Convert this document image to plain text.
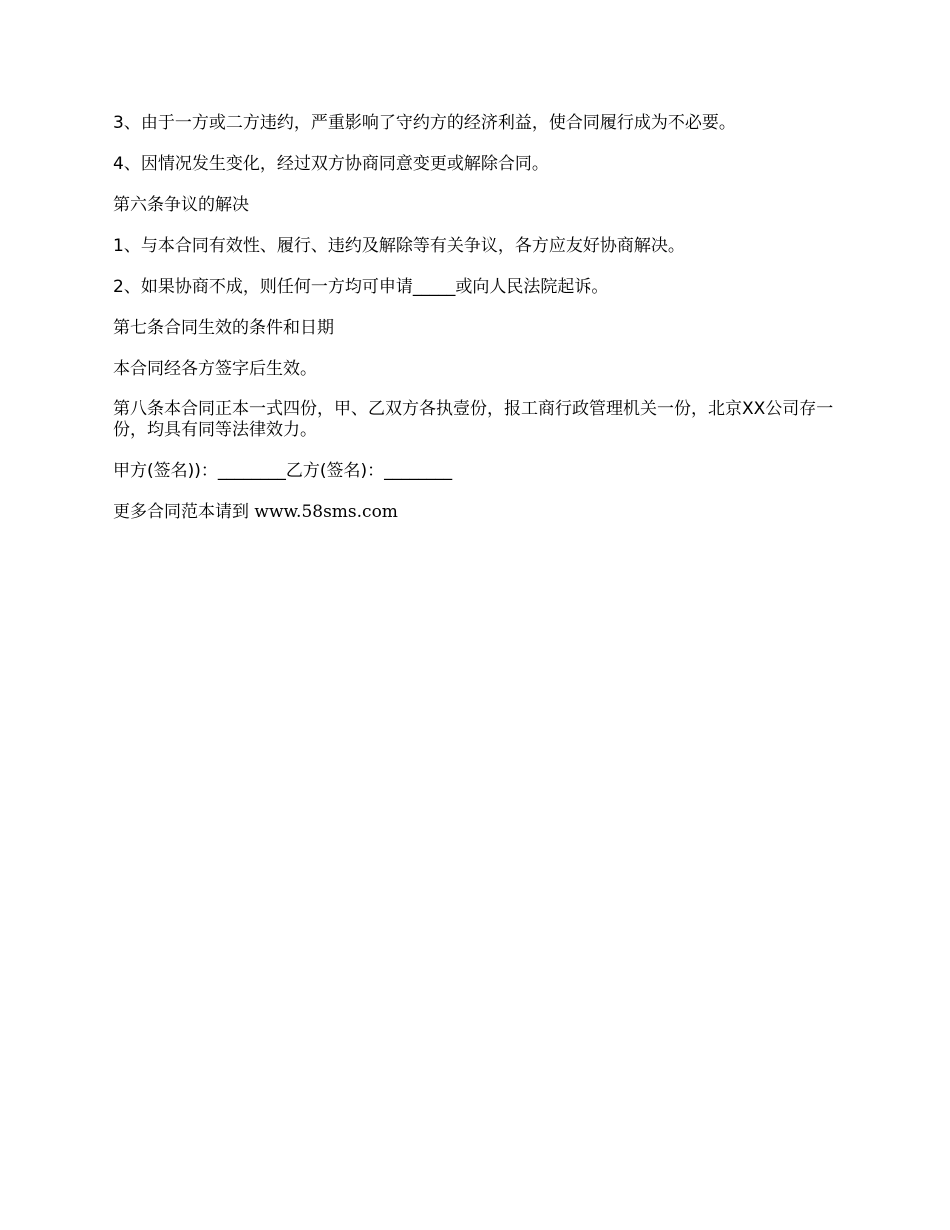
3、由于一方或二方违约，严重影响了守约方的经济利益，使合同履行成为不必要。

4、因情况发生变化，经过双方协商同意变更或解除合同。

第六条争议的解决

1、与本合同有效性、履行、违约及解除等有关争议，各方应友好协商解决。

2、如果协商不成，则任何一方均可申请_____或向人民法院起诉。

第七条合同生效的条件和日期

本合同经各方签字后生效。

第八条本合同正本一式四份，甲、乙双方各执壹份，报工商行政管理机关一份，北京XX公司存一份，均具有同等法律效力。

甲方(签名))：________乙方(签名)：________

更多合同范本请到 www.58sms.com
